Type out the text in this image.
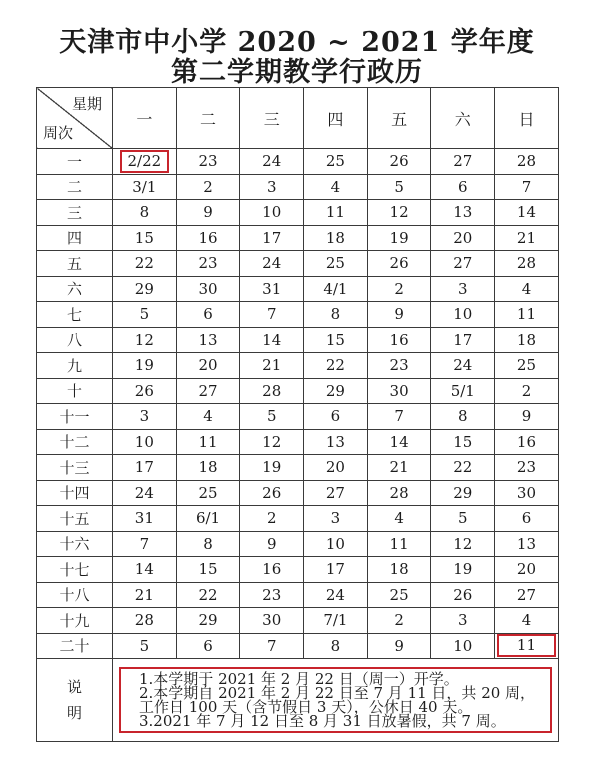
天津市中小学 2020 ~ 2021 学年度
第二学期教学行政历
星期
周次	一	二	三	四	五	六	日
一	2/22	23	24	25	26	27	28
二	3/1	2	3	4	5	6	7
三	8	9	10	11	12	13	14
四	15	16	17	18	19	20	21
五	22	23	24	25	26	27	28
六	29	30	31	4/1	2	3	4
七	5	6	7	8	9	10	11
八	12	13	14	15	16	17	18
九	19	20	21	22	23	24	25
十	26	27	28	29	30	5/1	2
十一	3	4	5	6	7	8	9
十二	10	11	12	13	14	15	16
十三	17	18	19	20	21	22	23
十四	24	25	26	27	28	29	30
十五	31	6/1	2	3	4	5	6
十六	7	8	9	10	11	12	13
十七	14	15	16	17	18	19	20
十八	21	22	23	24	25	26	27
十九	28	29	30	7/1	2	3	4
二十	5	6	7	8	9	10	11
说明	1.本学期于 2021 年 2 月 22 日（周一）开学。
2.本学期自 2021 年 2 月 22 日至 7 月 11 日，共 20 周，工作日 100 天（含节假日 3 天），公休日 40 天。
3.2021 年 7 月 12 日至 8 月 31 日放暑假，共 7 周。						
